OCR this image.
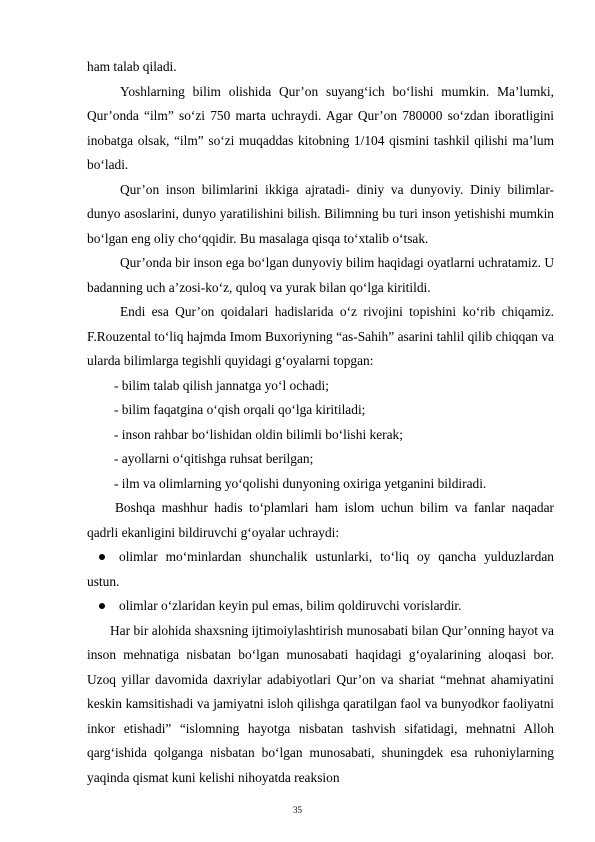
ham talab qiladi.

Yoshlarning bilim olishida Qur’on suyang‘ich bo‘lishi mumkin. Ma’lumki, Qur’onda “ilm” so‘zi 750 marta uchraydi. Agar Qur’on 780000 so‘zdan iboratligini inobatga olsak, “ilm” so‘zi muqaddas kitobning 1/104 qismini tashkil qilishi ma’lum bo‘ladi.

Qur’on inson bilimlarini ikkiga ajratadi- diniy va dunyoviy. Diniy bilimlar-dunyo asoslarini, dunyo yaratilishini bilish. Bilimning bu turi inson yetishishi mumkin bo‘lgan eng oliy cho‘qqidir. Bu masalaga qisqa to‘xtalib o‘tsak.

Qur’onda bir inson ega bo‘lgan dunyoviy bilim haqidagi oyatlarni uchratamiz. U badanning uch a’zosi-ko‘z, quloq va yurak bilan qo‘lga kiritildi.

Endi esa Qur’on qoidalari hadislarida o‘z rivojini topishini ko‘rib chiqamiz. F.Rouzental to‘liq hajmda Imom Buxoriyning “as-Sahih” asarini tahlil qilib chiqqan va ularda bilimlarga tegishli quyidagi g‘oyalarni topgan:

- bilim talab qilish jannatga yo‘l ochadi;

- bilim faqatgina o‘qish orqali qo‘lga kiritiladi;

- inson rahbar bo‘lishidan oldin bilimli bo‘lishi kerak;

- ayollarni o‘qitishga ruhsat berilgan;

- ilm va olimlarning yo‘qolishi dunyoning oxiriga yetganini bildiradi.

Boshqa mashhur hadis to‘plamlari ham islom uchun bilim va fanlar naqadar qadrli ekanligini bildiruvchi g‘oyalar uchraydi:

olimlar mo‘minlardan shunchalik ustunlarki, to‘liq oy qancha yulduzlardan ustun.
olimlar o‘zlaridan keyin pul emas, bilim qoldiruvchi vorislardir.

Har bir alohida shaxsning ijtimoiylashtirish munosabati bilan Qur’onning hayot va inson mehnatiga nisbatan bo‘lgan munosabati haqidagi g‘oyalarining aloqasi bor. Uzoq yillar davomida daxriylar adabiyotlari Qur’on va shariat “mehnat ahamiyatini keskin kamsitishadi va jamiyatni isloh qilishga qaratilgan faol va bunyodkor faoliyatni inkor etishadi” “islomning hayotga nisbatan tashvish sifatidagi, mehnatni Alloh qarg‘ishida qolganga nisbatan bo‘lgan munosabati, shuningdek esa ruhoniylarning yaqinda qismat kuni kelishi nihoyatda reaksion

35
